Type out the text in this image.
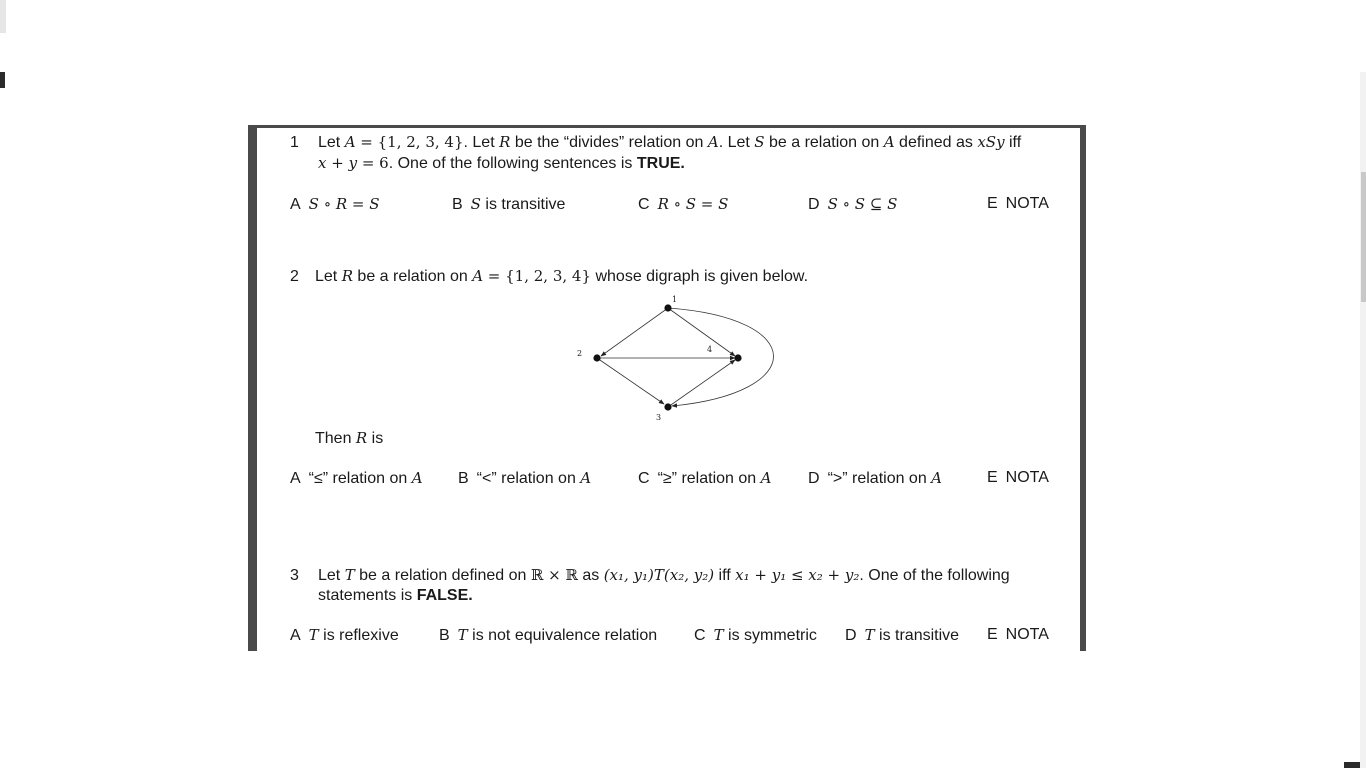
1 Let A = {1, 2, 3, 4}. Let R be the “divides” relation on A. Let S be a relation on A defined as xSy iff
x + y = 6. One of the following sentences is TRUE.
A S ∘ R = S	B S is transitive	C R ∘ S = S	D S ∘ S ⊆ S	E NOTA
2 Let R be a relation on A = {1, 2, 3, 4} whose digraph is given below.
1
2
3
4
Then R is
A “≤” relation on A B “<” relation on A	C “≥” relation on A D “>” relation on A	E NOTA
3 Let T be a relation defined on ℝ × ℝ as (x₁, y₁)T(x₂, y₂) iff x₁ + y₁ ≤ x₂ + y₂. One of the following
statements is FALSE.
A T is reflexive	B T is not equivalence relation C T is symmetric D T is transitive E NOTA
